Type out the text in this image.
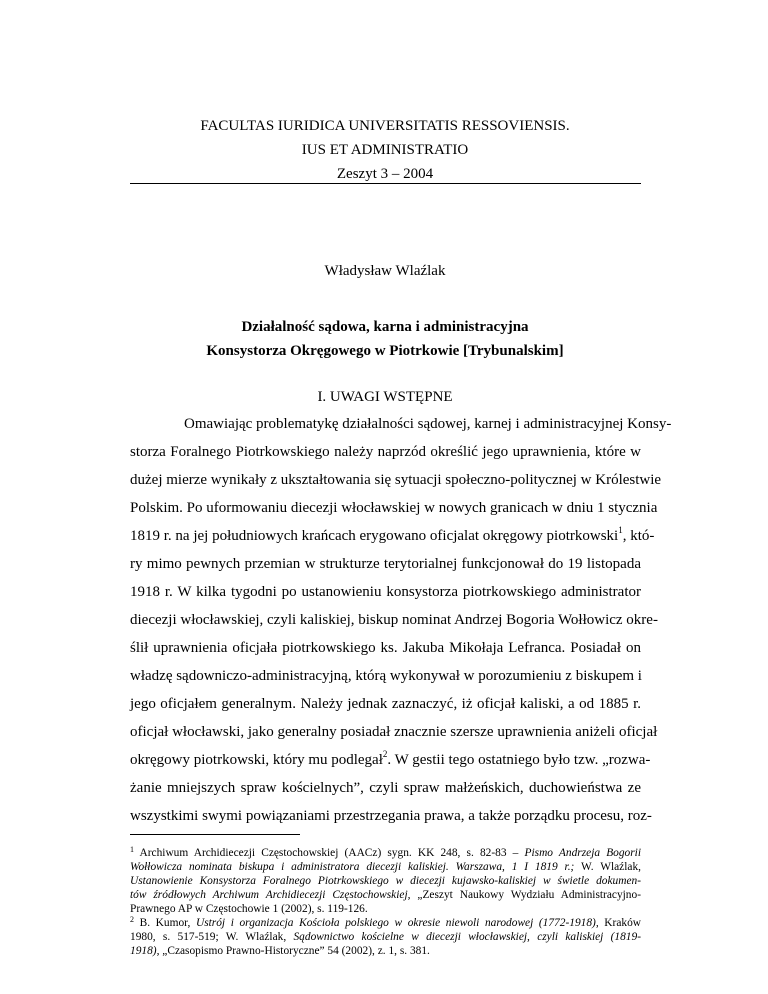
FACULTAS IURIDICA UNIVERSITATIS RESSOVIENSIS.
IUS ET ADMINISTRATIO
Zeszyt 3 – 2004
Władysław Wlaźlak
Działalność sądowa, karna i administracyjna
Konsystorza Okręgowego w Piotrkowie [Trybunalskim]
I. UWAGI WSTĘPNE
Omawiając problematykę działalności sądowej, karnej i administracyjnej Konsy-
storza Foralnego Piotrkowskiego należy naprzód określić jego uprawnienia, które w
dużej mierze wynikały z ukształtowania się sytuacji społeczno-politycznej w Królestwie
Polskim. Po uformowaniu diecezji włocławskiej w nowych granicach w dniu 1 stycznia
1819 r. na jej południowych krańcach erygowano oficjalat okręgowy piotrkowski$^1$, któ-
ry mimo pewnych przemian w strukturze terytorialnej funkcjonował do 19 listopada
1918 r. W kilka tygodni po ustanowieniu konsystorza piotrkowskiego administrator
diecezji włocławskiej, czyli kaliskiej, biskup nominat Andrzej Bogoria Wołłowicz okre-
ślił uprawnienia oficjała piotrkowskiego ks. Jakuba Mikołaja Lefranca. Posiadał on
władzę sądowniczo-administracyjną, którą wykonywał w porozumieniu z biskupem i
jego oficjałem generalnym. Należy jednak zaznaczyć, iż oficjał kaliski, a od 1885 r.
oficjał włocławski, jako generalny posiadał znacznie szersze uprawnienia aniżeli oficjał
okręgowy piotrkowski, który mu podlegał$^2$. W gestii tego ostatniego było tzw. „rozwa-
żanie mniejszych spraw kościelnych”, czyli spraw małżeńskich, duchowieństwa ze
wszystkimi swymi powiązaniami przestrzegania prawa, a także porządku procesu, roz-
$^1$ Archiwum Archidiecezji Częstochowskiej (AACz) sygn. KK 248, s. 82-83 – Pismo Andrzeja Bogorii
Wołłowicza nominata biskupa i administratora diecezji kaliskiej. Warszawa, 1 I 1819 r.; W. Wlaźlak,
Ustanowienie Konsystorza Foralnego Piotrkowskiego w diecezji kujawsko-kaliskiej w świetle dokumen-
tów źródłowych Archiwum Archidiecezji Częstochowskiej, „Zeszyt Naukowy Wydziału Administracyjno-
Prawnego AP w Częstochowie 1 (2002), s. 119-126.
$^2$ B. Kumor, Ustrój i organizacja Kościoła polskiego w okresie niewoli narodowej (1772-1918), Kraków
1980, s. 517-519; W. Wlaźlak, Sądownictwo kościelne w diecezji włocławskiej, czyli kaliskiej (1819-
1918), „Czasopismo Prawno-Historyczne” 54 (2002), z. 1, s. 381.
